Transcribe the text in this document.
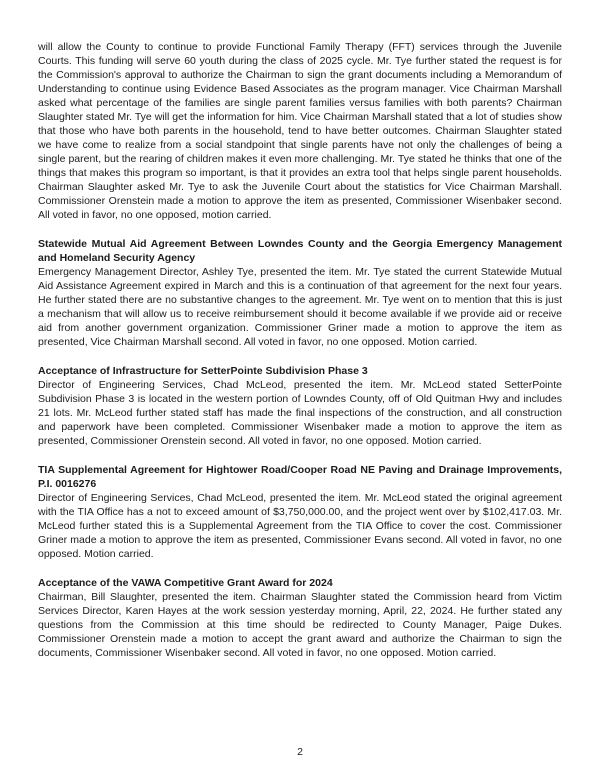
will allow the County to continue to provide Functional Family Therapy (FFT) services through the Juvenile Courts. This funding will serve 60 youth during the class of 2025 cycle. Mr. Tye further stated the request is for the Commission's approval to authorize the Chairman to sign the grant documents including a Memorandum of Understanding to continue using Evidence Based Associates as the program manager. Vice Chairman Marshall asked what percentage of the families are single parent families versus families with both parents? Chairman Slaughter stated Mr. Tye will get the information for him. Vice Chairman Marshall stated that a lot of studies show that those who have both parents in the household, tend to have better outcomes. Chairman Slaughter stated we have come to realize from a social standpoint that single parents have not only the challenges of being a single parent, but the rearing of children makes it even more challenging. Mr. Tye stated he thinks that one of the things that makes this program so important, is that it provides an extra tool that helps single parent households. Chairman Slaughter asked Mr. Tye to ask the Juvenile Court about the statistics for Vice Chairman Marshall. Commissioner Orenstein made a motion to approve the item as presented, Commissioner Wisenbaker second. All voted in favor, no one opposed, motion carried.

Statewide Mutual Aid Agreement Between Lowndes County and the Georgia Emergency Management and Homeland Security Agency

Emergency Management Director, Ashley Tye, presented the item. Mr. Tye stated the current Statewide Mutual Aid Assistance Agreement expired in March and this is a continuation of that agreement for the next four years. He further stated there are no substantive changes to the agreement. Mr. Tye went on to mention that this is just a mechanism that will allow us to receive reimbursement should it become available if we provide aid or receive aid from another government organization. Commissioner Griner made a motion to approve the item as presented, Vice Chairman Marshall second. All voted in favor, no one opposed. Motion carried.

Acceptance of Infrastructure for SetterPointe Subdivision Phase 3

Director of Engineering Services, Chad McLeod, presented the item. Mr. McLeod stated SetterPointe Subdivision Phase 3 is located in the western portion of Lowndes County, off of Old Quitman Hwy and includes 21 lots. Mr. McLeod further stated staff has made the final inspections of the construction, and all construction and paperwork have been completed. Commissioner Wisenbaker made a motion to approve the item as presented, Commissioner Orenstein second. All voted in favor, no one opposed. Motion carried.

TIA Supplemental Agreement for Hightower Road/Cooper Road NE Paving and Drainage Improvements, P.I. 0016276

Director of Engineering Services, Chad McLeod, presented the item. Mr. McLeod stated the original agreement with the TIA Office has a not to exceed amount of $3,750,000.00, and the project went over by $102,417.03. Mr. McLeod further stated this is a Supplemental Agreement from the TIA Office to cover the cost. Commissioner Griner made a motion to approve the item as presented, Commissioner Evans second. All voted in favor, no one opposed. Motion carried.

Acceptance of the VAWA Competitive Grant Award for 2024

Chairman, Bill Slaughter, presented the item. Chairman Slaughter stated the Commission heard from Victim Services Director, Karen Hayes at the work session yesterday morning, April, 22, 2024. He further stated any questions from the Commission at this time should be redirected to County Manager, Paige Dukes. Commissioner Orenstein made a motion to accept the grant award and authorize the Chairman to sign the documents, Commissioner Wisenbaker second. All voted in favor, no one opposed. Motion carried.

2
